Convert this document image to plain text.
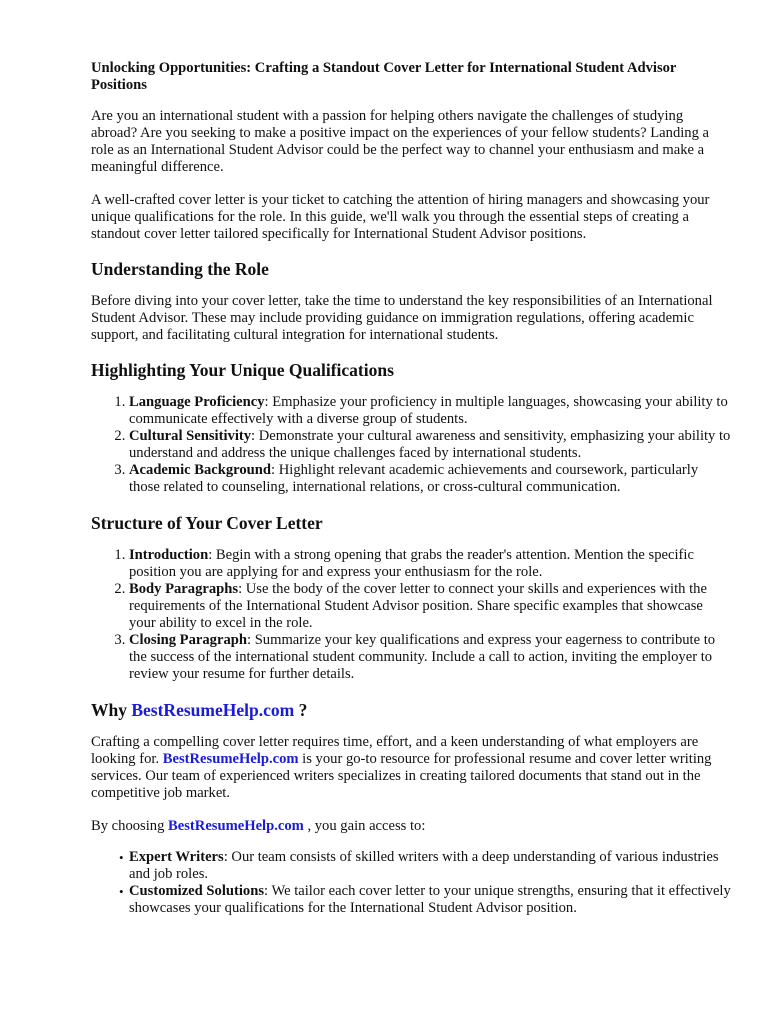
Unlocking Opportunities: Crafting a Standout Cover Letter for International Student Advisor Positions

Are you an international student with a passion for helping others navigate the challenges of studying abroad? Are you seeking to make a positive impact on the experiences of your fellow students? Landing a role as an International Student Advisor could be the perfect way to channel your enthusiasm and make a meaningful difference.

A well-crafted cover letter is your ticket to catching the attention of hiring managers and showcasing your unique qualifications for the role. In this guide, we'll walk you through the essential steps of creating a standout cover letter tailored specifically for International Student Advisor positions.

Understanding the Role

Before diving into your cover letter, take the time to understand the key responsibilities of an International Student Advisor. These may include providing guidance on immigration regulations, offering academic support, and facilitating cultural integration for international students.

Highlighting Your Unique Qualifications
1. Language Proficiency: Emphasize your proficiency in multiple languages, showcasing your ability to communicate effectively with a diverse group of students.
2. Cultural Sensitivity: Demonstrate your cultural awareness and sensitivity, emphasizing your ability to understand and address the unique challenges faced by international students.
3. Academic Background: Highlight relevant academic achievements and coursework, particularly those related to counseling, international relations, or cross-cultural communication.
Structure of Your Cover Letter
1. Introduction: Begin with a strong opening that grabs the reader's attention. Mention the specific position you are applying for and express your enthusiasm for the role.
2. Body Paragraphs: Use the body of the cover letter to connect your skills and experiences with the requirements of the International Student Advisor position. Share specific examples that showcase your ability to excel in the role.
3. Closing Paragraph: Summarize your key qualifications and express your eagerness to contribute to the success of the international student community. Include a call to action, inviting the employer to review your resume for further details.
Why BestResumeHelp.com ?

Crafting a compelling cover letter requires time, effort, and a keen understanding of what employers are looking for. BestResumeHelp.com is your go-to resource for professional resume and cover letter writing services. Our team of experienced writers specializes in creating tailored documents that stand out in the competitive job market.

By choosing BestResumeHelp.com , you gain access to:

• Expert Writers: Our team consists of skilled writers with a deep understanding of various industries and job roles.
• Customized Solutions: We tailor each cover letter to your unique strengths, ensuring that it effectively showcases your qualifications for the International Student Advisor position.
